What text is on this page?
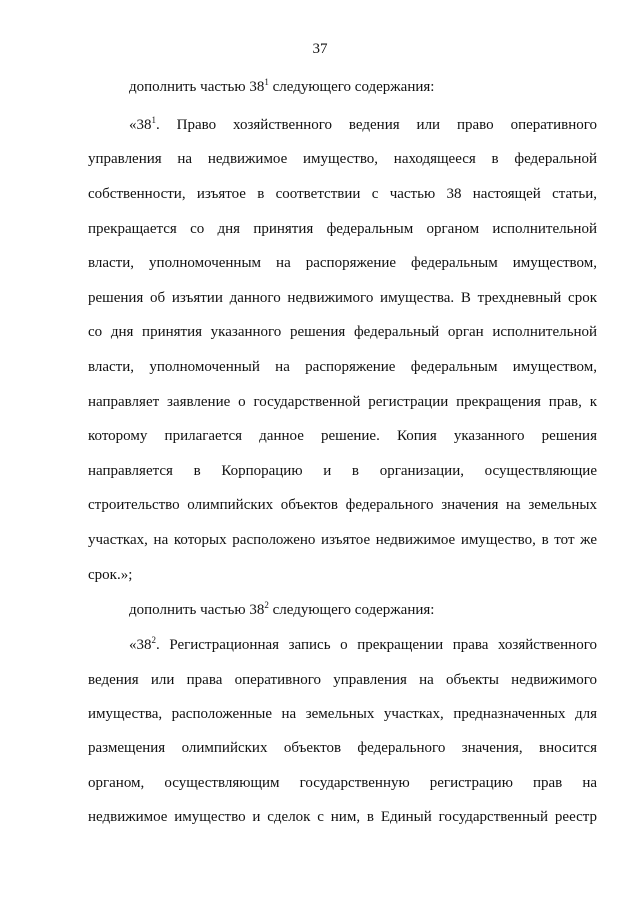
37
дополнить частью $38^1$ следующего содержания:
«$38^1$. Право хозяйственного ведения или право оперативного
управления на недвижимое имущество, находящееся в федеральной
собственности, изъятое в соответствии с частью 38 настоящей статьи,
прекращается со дня принятия федеральным органом исполнительной
власти, уполномоченным на распоряжение федеральным имуществом,
решения об изъятии данного недвижимого имущества. В трехдневный срок
со дня принятия указанного решения федеральный орган исполнительной
власти, уполномоченный на распоряжение федеральным имуществом,
направляет заявление о государственной регистрации прекращения прав, к
которому прилагается данное решение. Копия указанного решения
направляется в Корпорацию и в организации, осуществляющие
строительство олимпийских объектов федерального значения на земельных
участках, на которых расположено изъятое недвижимое имущество, в тот же
срок.»;
дополнить частью $38^2$ следующего содержания:
«$38^2$. Регистрационная запись о прекращении права хозяйственного
ведения или права оперативного управления на объекты недвижимого
имущества, расположенные на земельных участках, предназначенных для
размещения олимпийских объектов федерального значения, вносится
органом, осуществляющим государственную регистрацию прав на
недвижимое имущество и сделок с ним, в Единый государственный реестр
